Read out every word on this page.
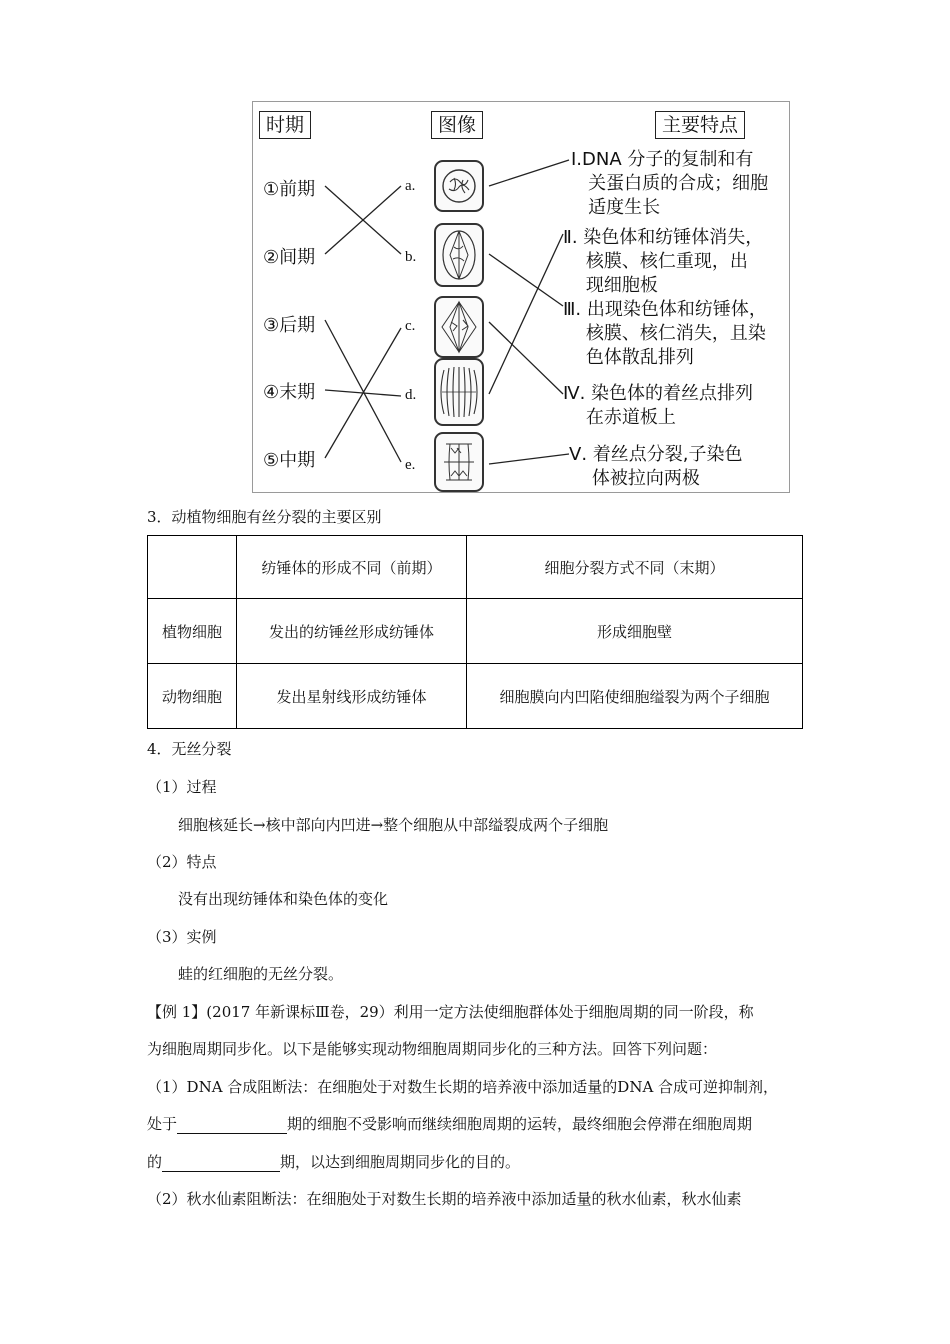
时期	图像	主要特点
①前期
②间期
③后期
④末期
⑤中期
a.
b.
c.
d.
e.
Ⅰ.DNA 分子的复制和有
关蛋白质的合成；细胞
适度生长
Ⅱ. 染色体和纺锤体消失，
核膜、核仁重现，出
现细胞板
Ⅲ. 出现染色体和纺锤体，
核膜、核仁消失，且染
色体散乱排列
Ⅳ. 染色体的着丝点排列
在赤道板上
Ⅴ. 着丝点分裂,子染色
体被拉向两极
3．动植物细胞有丝分裂的主要区别
	纺锤体的形成不同（前期）	细胞分裂方式不同（末期）
植物细胞	发出的纺锤丝形成纺锤体	形成细胞壁
动物细胞	发出星射线形成纺锤体	细胞膜向内凹陷使细胞缢裂为两个子细胞
4．无丝分裂
（1）过程
细胞核延长→核中部向内凹进→整个细胞从中部缢裂成两个子细胞
（2）特点
没有出现纺锤体和染色体的变化
（3）实例
蛙的红细胞的无丝分裂。
【例 1】(2017 年新课标Ⅲ卷，29）利用一定方法使细胞群体处于细胞周期的同一阶段，称
为细胞周期同步化。以下是能够实现动物细胞周期同步化的三种方法。回答下列问题：
（1）DNA 合成阻断法：在细胞处于对数生长期的培养液中添加适量的DNA 合成可逆抑制剂，
处于	期的细胞不受影响而继续细胞周期的运转，最终细胞会停滞在细胞周期
的	期，以达到细胞周期同步化的目的。
（2）秋水仙素阻断法：在细胞处于对数生长期的培养液中添加适量的秋水仙素，秋水仙素
